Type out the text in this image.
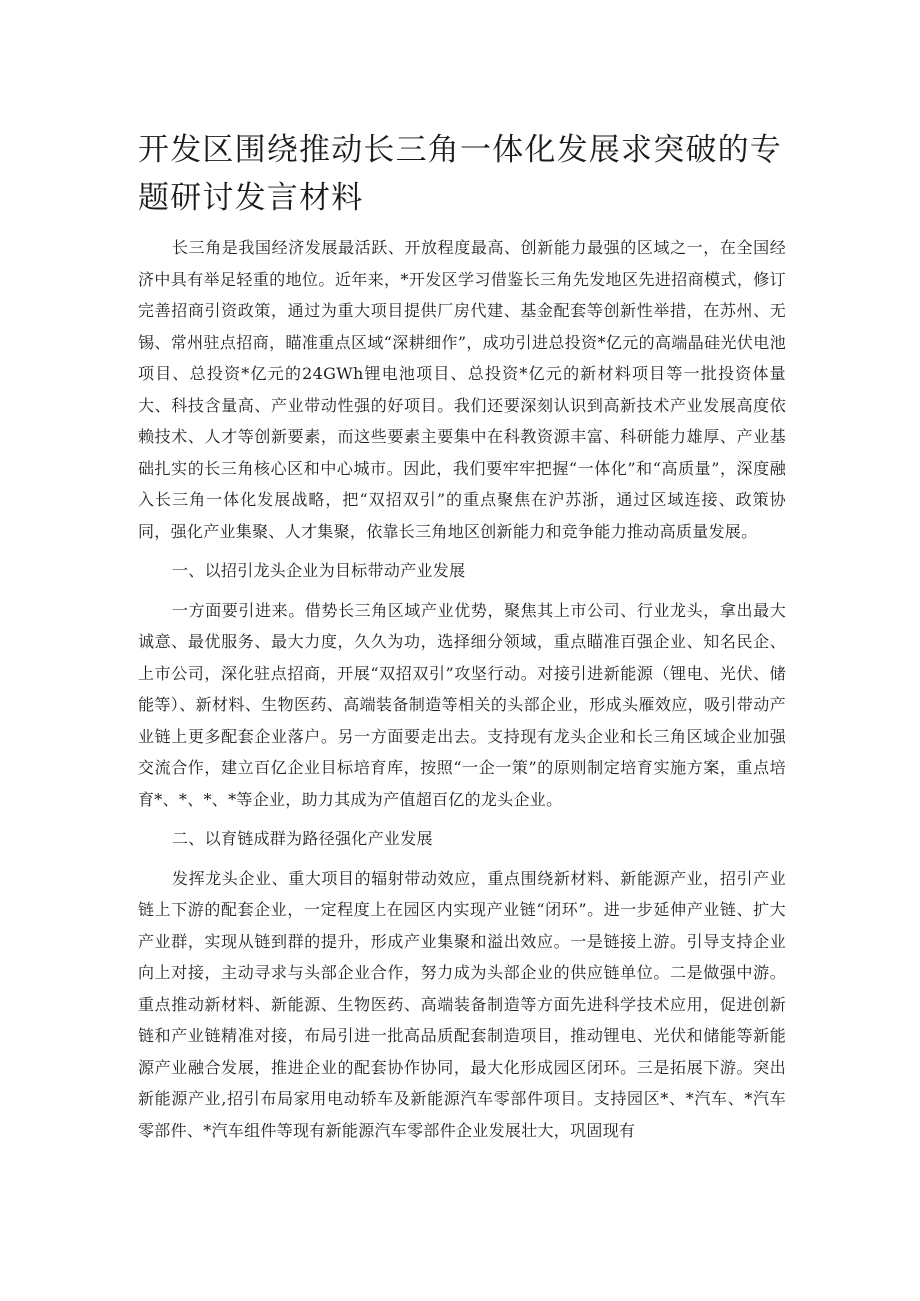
开发区围绕推动长三角一体化发展求突破的专题研讨发言材料

长三角是我国经济发展最活跃、开放程度最高、创新能力最强的区域之一，在全国经济中具有举足轻重的地位。近年来，*开发区学习借鉴长三角先发地区先进招商模式，修订完善招商引资政策，通过为重大项目提供厂房代建、基金配套等创新性举措，在苏州、无锡、常州驻点招商，瞄准重点区域“深耕细作”，成功引进总投资*亿元的高端晶硅光伏电池项目、总投资*亿元的24GWh锂电池项目、总投资*亿元的新材料项目等一批投资体量大、科技含量高、产业带动性强的好项目。我们还要深刻认识到高新技术产业发展高度依赖技术、人才等创新要素，而这些要素主要集中在科教资源丰富、科研能力雄厚、产业基础扎实的长三角核心区和中心城市。因此，我们要牢牢把握“一体化”和“高质量”，深度融入长三角一体化发展战略，把“双招双引”的重点聚焦在沪苏浙，通过区域连接、政策协同，强化产业集聚、人才集聚，依靠长三角地区创新能力和竞争能力推动高质量发展。

一、以招引龙头企业为目标带动产业发展

一方面要引进来。借势长三角区域产业优势，聚焦其上市公司、行业龙头，拿出最大诚意、最优服务、最大力度，久久为功，选择细分领域，重点瞄准百强企业、知名民企、上市公司，深化驻点招商，开展“双招双引”攻坚行动。对接引进新能源（锂电、光伏、储能等）、新材料、生物医药、高端装备制造等相关的头部企业，形成头雁效应，吸引带动产业链上更多配套企业落户。另一方面要走出去。支持现有龙头企业和长三角区域企业加强交流合作，建立百亿企业目标培育库，按照“一企一策”的原则制定培育实施方案，重点培育*、*、*、*等企业，助力其成为产值超百亿的龙头企业。

二、以育链成群为路径强化产业发展

发挥龙头企业、重大项目的辐射带动效应，重点围绕新材料、新能源产业，招引产业链上下游的配套企业，一定程度上在园区内实现产业链“闭环”。进一步延伸产业链、扩大产业群，实现从链到群的提升，形成产业集聚和溢出效应。一是链接上游。引导支持企业向上对接，主动寻求与头部企业合作，努力成为头部企业的供应链单位。二是做强中游。重点推动新材料、新能源、生物医药、高端装备制造等方面先进科学技术应用，促进创新链和产业链精准对接，布局引进一批高品质配套制造项目，推动锂电、光伏和储能等新能源产业融合发展，推进企业的配套协作协同，最大化形成园区闭环。三是拓展下游。突出新能源产业,招引布局家用电动轿车及新能源汽车零部件项目。支持园区*、*汽车、*汽车零部件、*汽车组件等现有新能源汽车零部件企业发展壮大，巩固现有
